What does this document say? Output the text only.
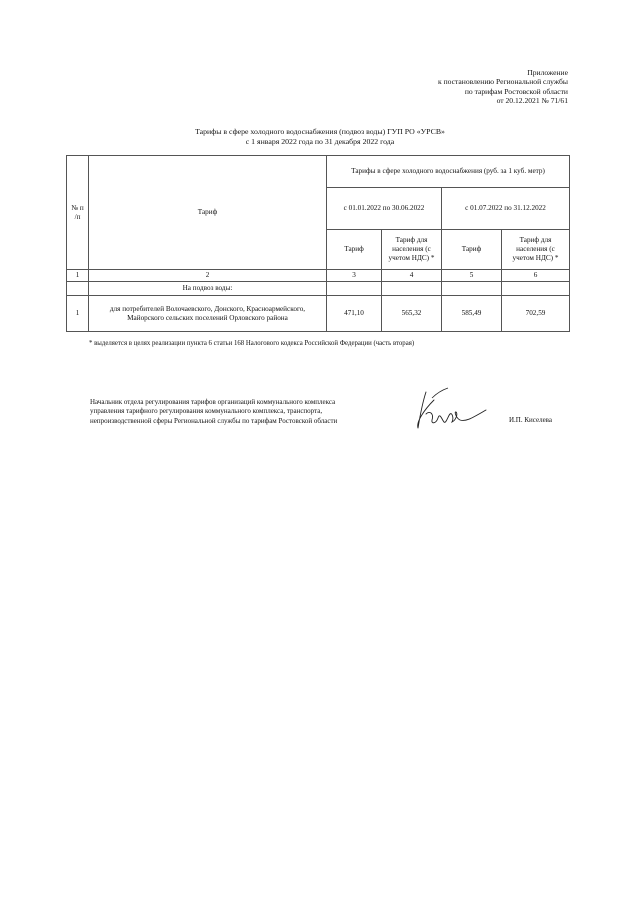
Приложение
к постановлению Региональной службы
по тарифам Ростовской области
от 20.12.2021 № 71/61
Тарифы в сфере холодного водоснабжения (подвоз воды) ГУП РО «УРСВ»
с 1 января 2022 года по 31 декабря 2022 года
№ п /п	Тариф	Тарифы в сфере холодного водоснабжения (руб. за 1 куб. метр)			
		с 01.01.2022 по 30.06.2022		с 01.07.2022 по 31.12.2022	
		Тариф	Тариф для населения (с учетом НДС) *	Тариф	Тариф для населения (с учетом НДС) *
1	2	3	4	5	6
	На подвоз воды:				
1	для потребителей Волочаевского, Донского, Красноармейского, Майорского сельских поселений Орловского района	471,10	565,32	585,49	702,59
* выделяется в целях реализации пункта 6 статьи 168 Налогового кодекса Российской Федерации (часть вторая)
Начальник отдела регулирования тарифов организаций коммунального комплекса
управления тарифного регулирования коммунального комплекса, транспорта,
непроизводственной сферы Региональной службы по тарифам Ростовской области	И.П. Киселева
